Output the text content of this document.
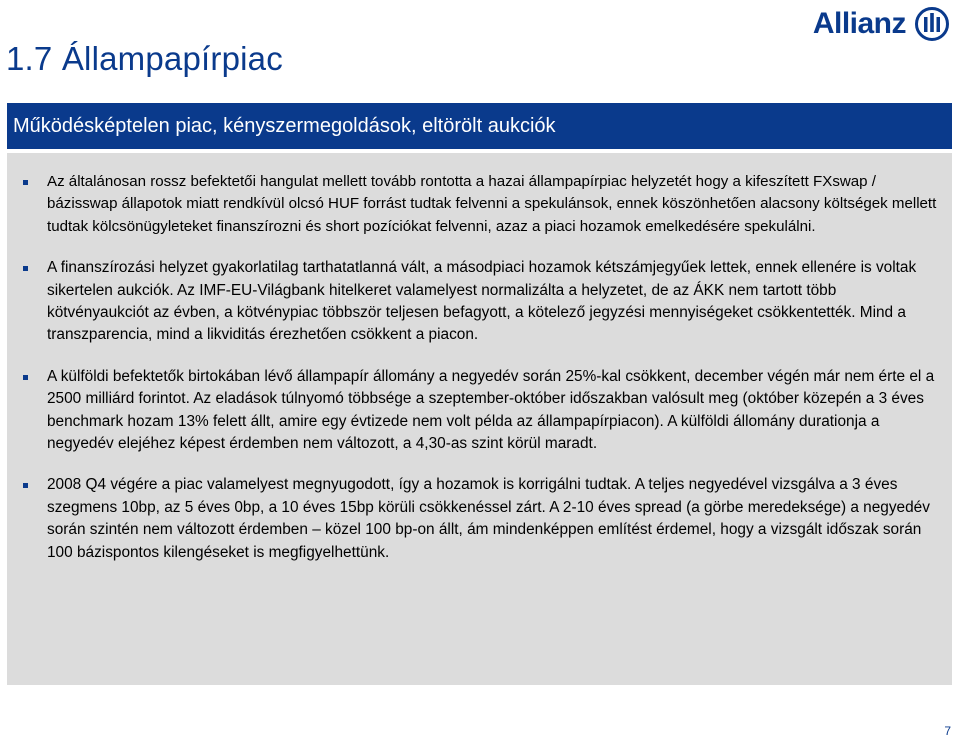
1.7 Állampapírpiac
Allianz
Működésképtelen piac, kényszermegoldások, eltörölt aukciók
Az általánosan rossz befektetői hangulat mellett tovább rontotta a hazai állampapírpiac helyzetét hogy a kifeszített FXswap / bázisswap állapotok miatt rendkívül olcsó HUF forrást tudtak felvenni a spekulánsok, ennek köszönhetően alacsony költségek mellett tudtak kölcsönügyleteket finanszírozni és short pozíciókat felvenni, azaz a piaci hozamok emelkedésére spekulálni.
A finanszírozási helyzet gyakorlatilag tarthatatlanná vált, a másodpiaci hozamok kétszámjegyűek lettek, ennek ellenére is voltak sikertelen aukciók. Az IMF-EU-Világbank hitelkeret valamelyest normalizálta a helyzetet, de az ÁKK nem tartott több kötvényaukciót az évben, a kötvénypiac többször teljesen befagyott, a kötelező jegyzési mennyiségeket csökkentették. Mind a transzparencia, mind a likviditás érezhetően csökkent a piacon.
A külföldi befektetők birtokában lévő állampapír állomány a negyedév során 25%-kal csökkent, december végén már nem érte el a 2500 milliárd forintot. Az eladások túlnyomó többsége a szeptember-október időszakban valósult meg (október közepén a 3 éves benchmark hozam 13% felett állt, amire egy évtizede nem volt példa az állampapírpiacon). A külföldi állomány durationja a negyedév elejéhez képest érdemben nem változott, a 4,30-as szint körül maradt.
2008 Q4 végére a piac valamelyest megnyugodott, így a hozamok is korrigálni tudtak. A teljes negyedével vizsgálva a 3 éves szegmens 10bp, az 5 éves 0bp, a 10 éves 15bp körüli csökkenéssel zárt. A 2-10 éves spread (a görbe meredeksége) a negyedév során szintén nem változott érdemben – közel 100 bp-on állt, ám mindenképpen említést érdemel, hogy a vizsgált időszak során 100 bázispontos kilengéseket is megfigyelhettünk.
7
